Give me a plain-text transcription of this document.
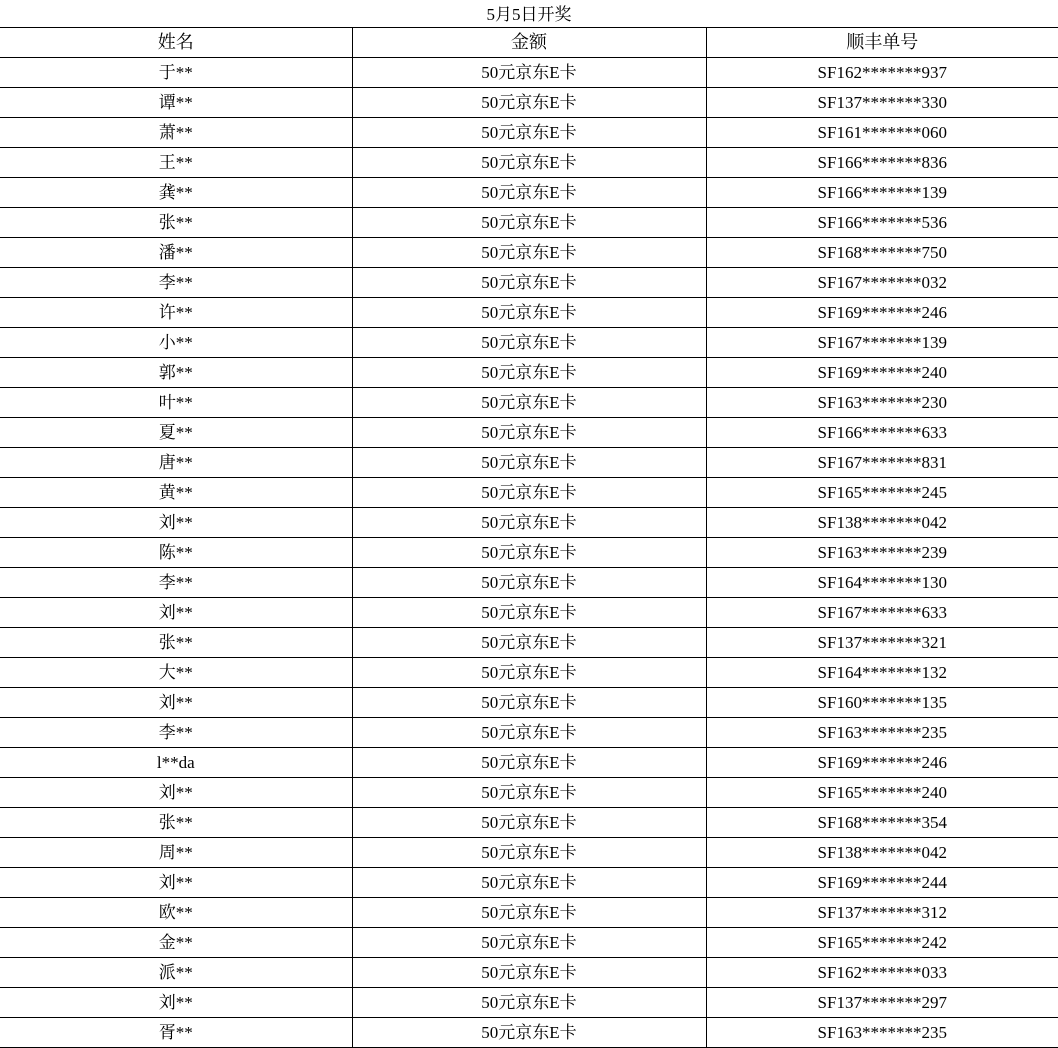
5月5日开奖
姓名	金额	顺丰单号
于**	50元京东E卡	SF162*******937
谭**	50元京东E卡	SF137*******330
萧**	50元京东E卡	SF161*******060
王**	50元京东E卡	SF166*******836
龚**	50元京东E卡	SF166*******139
张**	50元京东E卡	SF166*******536
潘**	50元京东E卡	SF168*******750
李**	50元京东E卡	SF167*******032
许**	50元京东E卡	SF169*******246
小**	50元京东E卡	SF167*******139
郭**	50元京东E卡	SF169*******240
叶**	50元京东E卡	SF163*******230
夏**	50元京东E卡	SF166*******633
唐**	50元京东E卡	SF167*******831
黄**	50元京东E卡	SF165*******245
刘**	50元京东E卡	SF138*******042
陈**	50元京东E卡	SF163*******239
李**	50元京东E卡	SF164*******130
刘**	50元京东E卡	SF167*******633
张**	50元京东E卡	SF137*******321
大**	50元京东E卡	SF164*******132
刘**	50元京东E卡	SF160*******135
李**	50元京东E卡	SF163*******235
l**da	50元京东E卡	SF169*******246
刘**	50元京东E卡	SF165*******240
张**	50元京东E卡	SF168*******354
周**	50元京东E卡	SF138*******042
刘**	50元京东E卡	SF169*******244
欧**	50元京东E卡	SF137*******312
金**	50元京东E卡	SF165*******242
派**	50元京东E卡	SF162*******033
刘**	50元京东E卡	SF137*******297
胥**	50元京东E卡	SF163*******235
